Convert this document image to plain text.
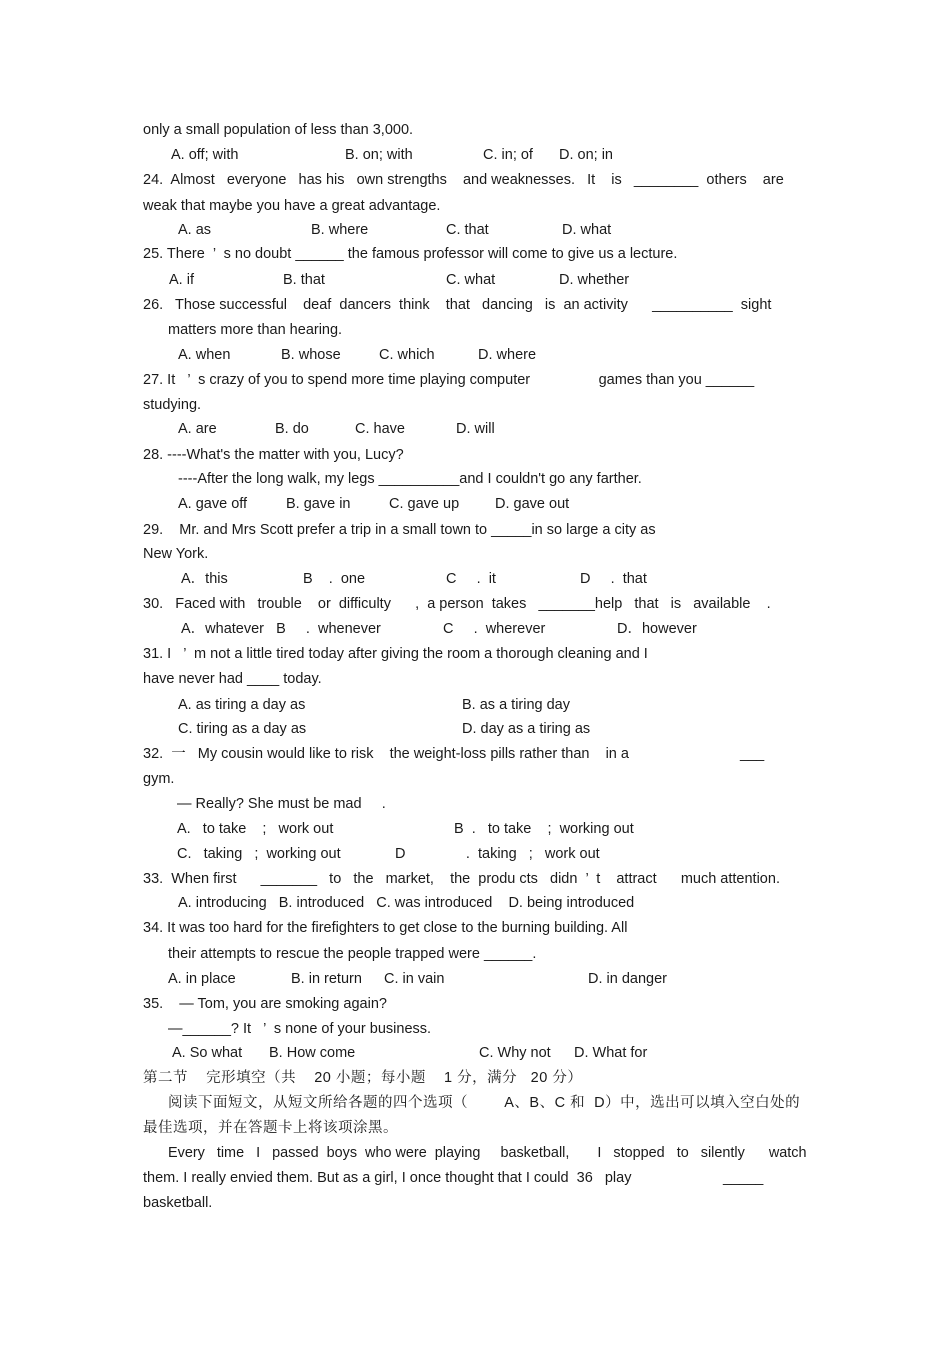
only a small population of less than 3,000.
A. off; with	B. on; with	C. in; of D. on; in
24.  Almost   everyone   has his   own strengths    and weaknesses.   It    is   ________  others    are
weak that maybe you have a great advantage.
A. as	B. where	C. that	D. what
25. There  ’  s no doubt ______ the famous professor will come to give us a lecture.
A. if	B. that	C. what	D. whether
26.   Those successful    deaf  dancers  think    that   dancing   is  an activity      __________  sight
matters more than hearing.
A. when	B. whose	C. which	D. where
27. It   ’  s crazy of you to spend more time playing computer                 games than you ______
studying.
A. are	B. do	C. have	D. will
28. ----What's the matter with you, Lucy?
----After the long walk, my legs __________and I couldn't go any farther.
A. gave off	B. gave in	C. gave up D. gave out
29.    Mr. and Mrs Scott prefer a trip in a small town to _____in so large a city as
New York.
A．this	B    .  one	C     .  it	D     .  that
30.   Faced with   trouble    or  difficulty      ,  a person  takes   _______help   that   is   available    .
A．whatever   B     .  whenever	C     .  wherever	D．however
31. I   ’  m not a little tired today after giving the room a thorough cleaning and I
have never had ____ today.
A. as tiring a day as	B. as a tiring day
C. tiring as a day as	D. day as a tiring as
32.  一   My cousin would like to risk    the weight-loss pills rather than    in a	___
gym.
— Really? She must be mad     .
A.   to take    ;   work out	B  .   to take    ;  working out
C.   taking   ;  working out	D               .  taking   ;   work out
33.  When first      _______   to   the   market,    the  produ cts   didn  ’  t    attract      much attention.
A. introducing   B. introduced   C. was introduced    D. being introduced
34. It was too hard for the firefighters to get close to the burning building. All
their attempts to rescue the people trapped were ______.
A. in place	B. in return C. in vain	D. in danger
35.    — Tom, you are smoking again?
—______? It   ’  s none of your business.
A. So what B. How come	C. Why not D. What for
第二节    完形填空（共    20 小题；每小题    1 分，满分   20 分）
阅读下面短文，从短文所给各题的四个选项（        A、B、C 和  D）中，选出可以填入空白处的
最佳选项，并在答题卡上将该项涂黑。
Every   time   I   passed  boys  who were  playing     basketball,       I   stopped   to   silently      watch
them. I really envied them. But as a girl, I once thought that I could  36   play	_____
basketball.
